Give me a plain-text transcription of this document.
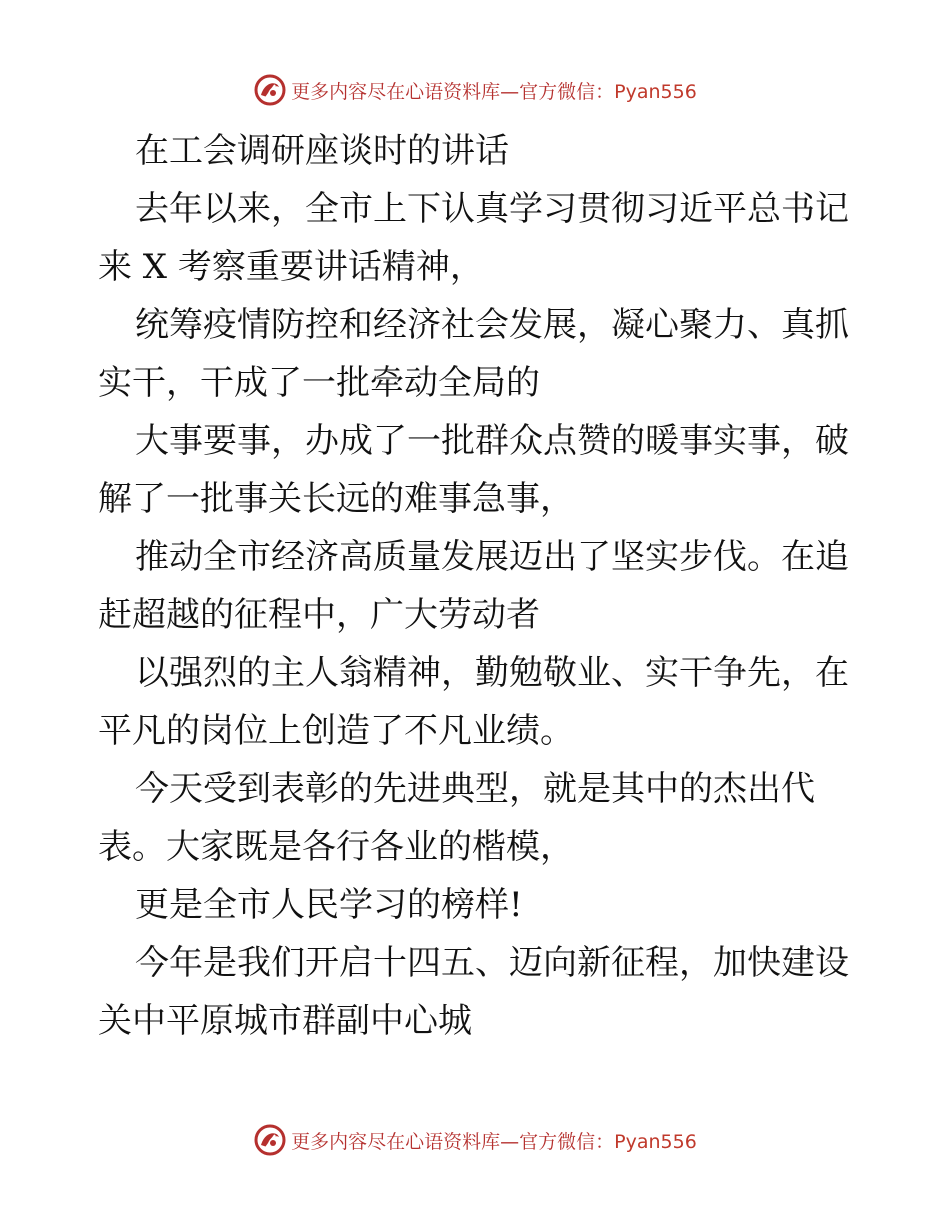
更多内容尽在心语资料库—官方微信：Pyan556
在工会调研座谈时的讲话
去年以来，全市上下认真学习贯彻习近平总书记
来 X 考察重要讲话精神，
统筹疫情防控和经济社会发展，凝心聚力、真抓
实干，干成了一批牵动全局的
大事要事，办成了一批群众点赞的暖事实事，破
解了一批事关长远的难事急事，
推动全市经济高质量发展迈出了坚实步伐。在追
赶超越的征程中，广大劳动者
以强烈的主人翁精神，勤勉敬业、实干争先，在
平凡的岗位上创造了不凡业绩。
今天受到表彰的先进典型，就是其中的杰出代
表。大家既是各行各业的楷模，
更是全市人民学习的榜样!
今年是我们开启十四五、迈向新征程，加快建设
关中平原城市群副中心城
更多内容尽在心语资料库—官方微信：Pyan556
